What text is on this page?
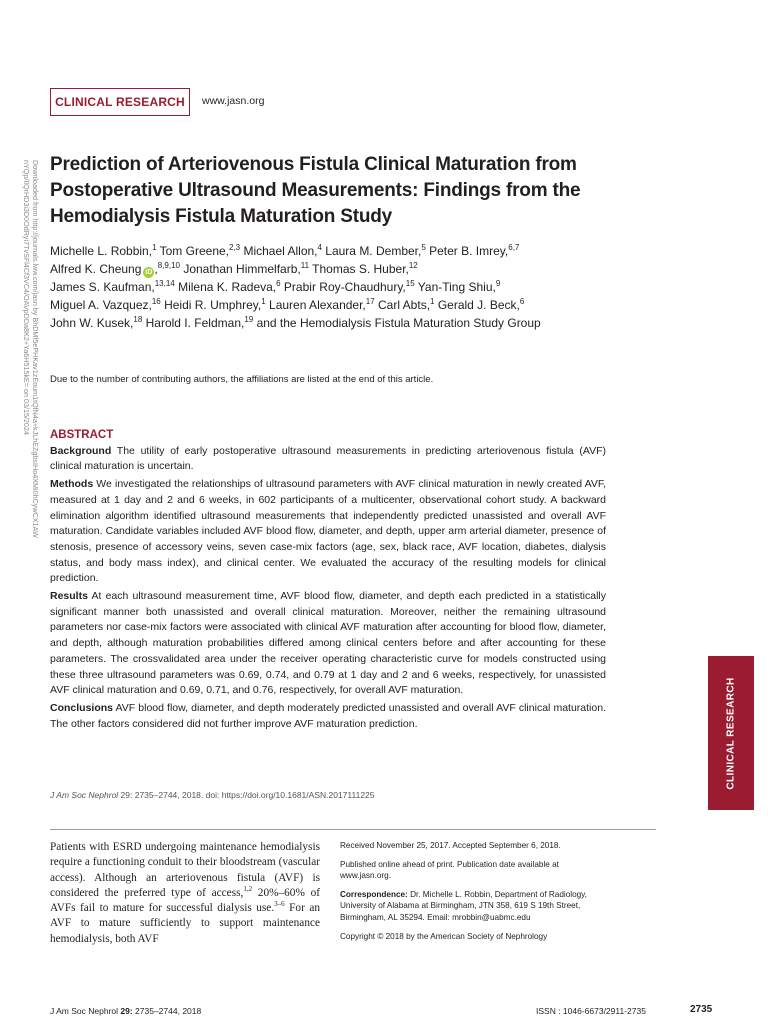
CLINICAL RESEARCH www.jasn.org
Downloaded from http://journals.lww.com/jasn by BhDMf5ePHKav1zEoum1tQfN4a+kJLhEZgbsIHo4XMi0hCywCX1AW
nYQp/IlQrHD3i3D0OdRyi7TvSFl4Cf3VC4/OAVpDDa8K2+Ya6H515kE= on 03/15/2024 Prediction of Arteriovenous Fistula Clinical Maturation from Postoperative Ultrasound Measurements: Findings from the Hemodialysis Fistula Maturation Study
Michelle L. Robbin,$^1$ Tom Greene,$^{2,3}$ Michael Allon,$^4$ Laura M. Dember,$^5$ Peter B. Imrey,$^{6,7}$
Alfred K. Cheung iD ,$^{8,9,10}$ Jonathan Himmelfarb,$^{11}$ Thomas S. Huber,$^{12}$
James S. Kaufman,$^{13,14}$ Milena K. Radeva,$^6$ Prabir Roy-Chaudhury,$^{15}$ Yan-Ting Shiu,$^9$
Miguel A. Vazquez,$^{16}$ Heidi R. Umphrey,$^1$ Lauren Alexander,$^{17}$ Carl Abts,$^1$ Gerald J. Beck,$^6$
John W. Kusek,$^{18}$ Harold I. Feldman,$^{19}$ and the Hemodialysis Fistula Maturation Study Group
Due to the number of contributing authors, the affiliations are listed at the end of this article.
ABSTRACT

Background The utility of early postoperative ultrasound measurements in predicting arteriovenous fistula (AVF) clinical maturation is uncertain.

Methods We investigated the relationships of ultrasound parameters with AVF clinical maturation in newly created AVF, measured at 1 day and 2 and 6 weeks, in 602 participants of a multicenter, observational cohort study. A backward elimination algorithm identified ultrasound measurements that independently predicted unassisted and overall AVF maturation. Candidate variables included AVF blood flow, diameter, and depth, upper arm arterial diameter, presence of stenosis, presence of accessory veins, seven case-mix factors (age, sex, black race, AVF location, diabetes, dialysis status, and body mass index), and clinical center. We evaluated the accuracy of the resulting models for clinical prediction.

Results At each ultrasound measurement time, AVF blood flow, diameter, and depth each predicted in a statistically significant manner both unassisted and overall clinical maturation. Moreover, neither the remaining ultrasound parameters nor case-mix factors were associated with clinical AVF maturation after accounting for blood flow, diameter, and depth, although maturation probabilities differed among clinical centers before and after accounting for these parameters. The crossvalidated area under the receiver operating characteristic curve for models constructed using these three ultrasound parameters was 0.69, 0.74, and 0.79 at 1 day and 2 and 6 weeks, respectively, for unassisted AVF clinical maturation and 0.69, 0.71, and 0.76, respectively, for overall AVF maturation.

Conclusions AVF blood flow, diameter, and depth moderately predicted unassisted and overall AVF clinical maturation. The other factors considered did not further improve AVF maturation prediction.

J Am Soc Nephrol 29: 2735–2744, 2018. doi: https://doi.org/10.1681/ASN.2017111225
CLINICAL RESEARCH
Patients with ESRD undergoing maintenance hemodialysis require a functioning conduit to their bloodstream (vascular access). Although an arteriovenous fistula (AVF) is considered the preferred type of access,$^{1,2}$ 20%–60% of AVFs fail to mature for successful dialysis use.$^{3-6}$ For an AVF to mature sufficiently to support maintenance hemodialysis, both AVF

Received November 25, 2017. Accepted September 6, 2018.

Published online ahead of print. Publication date available at www.jasn.org.

Correspondence: Dr. Michelle L. Robbin, Department of Radiology, University of Alabama at Birmingham, JTN 358, 619 S 19th Street, Birmingham, AL 35294. Email: mrobbin@uabmc.edu

Copyright © 2018 by the American Society of Nephrology

J Am Soc Nephrol 29: 2735–2744, 2018	ISSN : 1046-6673/2911-2735	2735
